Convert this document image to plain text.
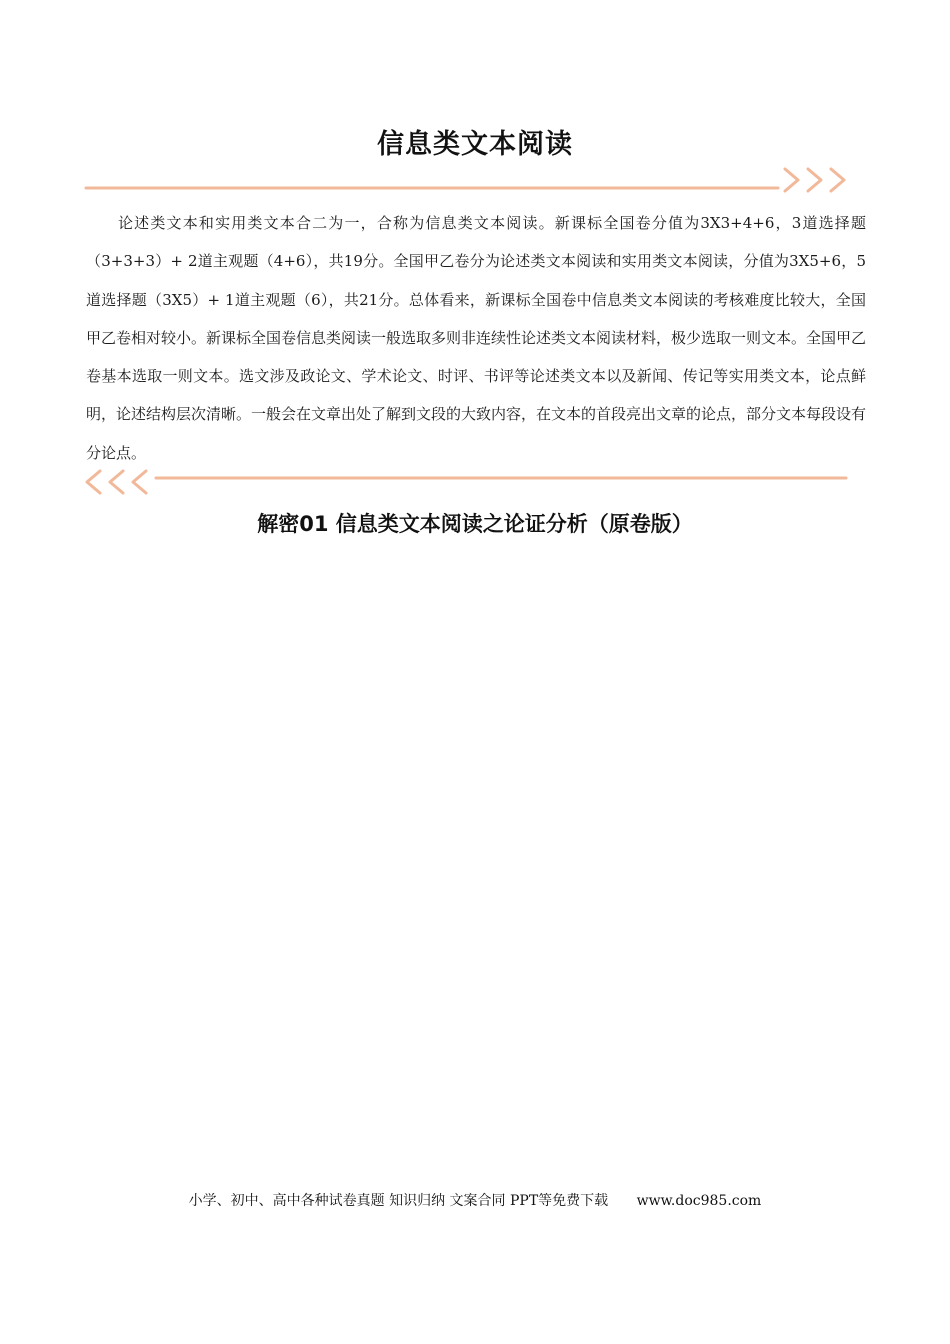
信息类文本阅读

论述类文本和实用类文本合二为一，合称为信息类文本阅读。新课标全国卷分值为3X3+4+6，3道选择题（3+3+3）+ 2道主观题（4+6），共19分。全国甲乙卷分为论述类文本阅读和实用类文本阅读，分值为3X5+6，5道选择题（3X5）+ 1道主观题（6），共21分。总体看来，新课标全国卷中信息类文本阅读的考核难度比较大，全国甲乙卷相对较小。新课标全国卷信息类阅读一般选取多则非连续性论述类文本阅读材料，极少选取一则文本。全国甲乙卷基本选取一则文本。选文涉及政论文、学术论文、时评、书评等论述类文本以及新闻、传记等实用类文本，论点鲜明，论述结构层次清晰。一般会在文章出处了解到文段的大致内容，在文本的首段亮出文章的论点，部分文本每段设有分论点。

解密01 信息类文本阅读之论证分析（原卷版）
小学、初中、高中各种试卷真题 知识归纳 文案合同 PPT等免费下载 www.doc985.com
